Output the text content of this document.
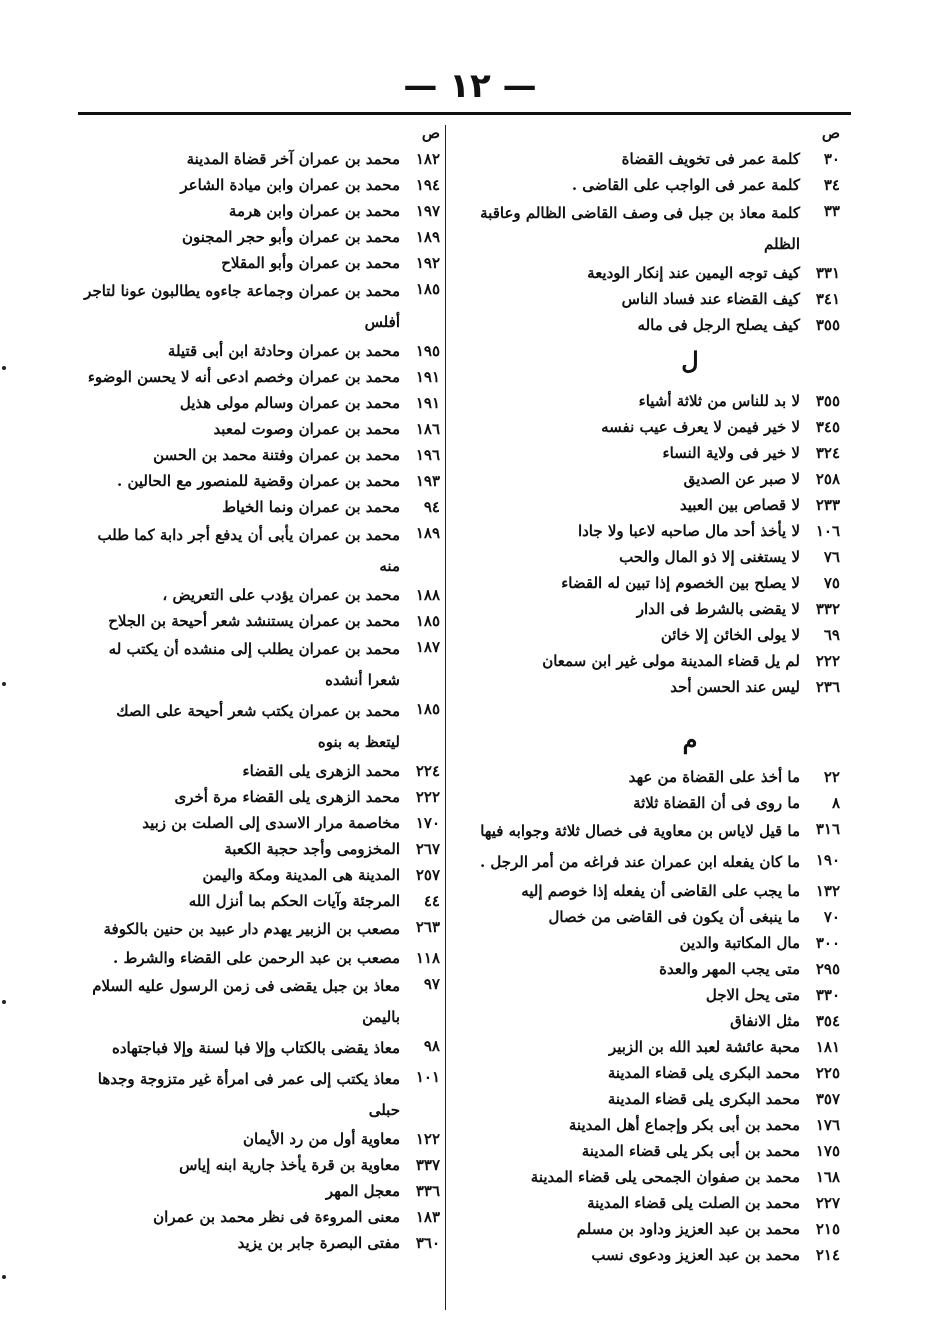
— ١٢ —
ص
٣٠
كلمة عمر فى تخويف القضاة
٣٤
كلمة عمر فى الواجب على القاضى .
٣٣
كلمة معاذ بن جبل فى وصف القاضى الظالم وعاقبة الظلم
٣٣١
كيف توجه اليمين عند إنكار الوديعة
٣٤١
كيف القضاء عند فساد الناس
٣٥٥
كيف يصلح الرجل فى ماله
ل
٣٥٥
لا بد للناس من ثلاثة أشياء
٣٤٥
لا خير فيمن لا يعرف عيب نفسه
٣٢٤
لا خير فى ولاية النساء
٢٥٨
لا صبر عن الصديق
٢٣٣
لا قصاص بين العبيد
١٠٦
لا يأخذ أحد مال صاحبه لاعبا ولا جادا
٧٦
لا يستغنى إلا ذو المال والحب
٧٥
لا يصلح بين الخصوم إذا تبين له القضاء
٣٣٢
لا يقضى بالشرط فى الدار
٦٩
لا يولى الخائن إلا خائن
٢٢٢
لم يل قضاء المدينة مولى غير ابن سمعان
٢٣٦
ليس عند الحسن أحد
م
٢٢
ما أخذ على القضاة من عهد
٨
ما روى فى أن القضاة ثلاثة
٣١٦
ما قيل لاياس بن معاوية فى خصال ثلاثة وجوابه فيها
١٩٠
ما كان يفعله ابن عمران عند فراغه من أمر الرجل .
١٣٢
ما يجب على القاضى أن يفعله إذا خوصم إليه
٧٠
ما ينبغى أن يكون فى القاضى من خصال
٣٠٠
مال المكاتبة والدين
٢٩٥
متى يجب المهر والعدة
٣٣٠
متى يحل الاجل
٣٥٤
مثل الانفاق
١٨١
محبة عائشة لعبد الله بن الزبير
٢٢٥
محمد البكرى يلى قضاء المدينة
٣٥٧
محمد البكرى يلى قضاء المدينة
١٧٦
محمد بن أبى بكر وإجماع أهل المدينة
١٧٥
محمد بن أبى بكر يلى قضاء المدينة
١٦٨
محمد بن صفوان الجمحى يلى قضاء المدينة
٢٢٧
محمد بن الصلت يلى قضاء المدينة
٢١٥
محمد بن عبد العزيز وداود بن مسلم
٢١٤
محمد بن عبد العزيز ودعوى نسب
ص
١٨٢
محمد بن عمران آخر قضاة المدينة
١٩٤
محمد بن عمران وابن ميادة الشاعر
١٩٧
محمد بن عمران وابن هرمة
١٨٩
محمد بن عمران وأبو حجر المجنون
١٩٢
محمد بن عمران وأبو المقلاح
١٨٥
محمد بن عمران وجماعة جاءوه يطالبون عونا لتاجر أفلس
١٩٥
محمد بن عمران وحادثة ابن أبى قتيلة
١٩١
محمد بن عمران وخصم ادعى أنه لا يحسن الوضوء
١٩١
محمد بن عمران وسالم مولى هذيل
١٨٦
محمد بن عمران وصوت لمعبد
١٩٦
محمد بن عمران وفتنة محمد بن الحسن
١٩٣
محمد بن عمران وقضية للمنصور مع الحالين .
٩٤
محمد بن عمران ونما الخياط
١٨٩
محمد بن عمران يأبى أن يدفع أجر دابة كما طلب منه
١٨٨
محمد بن عمران يؤدب على التعريض ،
١٨٥
محمد بن عمران يستنشد شعر أحيحة بن الجلاح
١٨٧
محمد بن عمران يطلب إلى منشده أن يكتب له شعرا أنشده
١٨٥
محمد بن عمران يكتب شعر أحيحة على الصك ليتعظ به بنوه
٢٢٤
محمد الزهرى يلى القضاء
٢٢٢
محمد الزهرى يلى القضاء مرة أخرى
١٧٠
مخاصمة مرار الاسدى إلى الصلت بن زبيد
٢٦٧
المخزومى وأجد حجبة الكعبة
٢٥٧
المدينة هى المدينة ومكة واليمن
٤٤
المرجئة وآيات الحكم بما أنزل الله
٢٦٣
مصعب بن الزبير يهدم دار عبيد بن حنين بالكوفة
١١٨
مصعب بن عبد الرحمن على القضاء والشرط .
٩٧
معاذ بن جبل يقضى فى زمن الرسول عليه السلام باليمن
٩٨
معاذ يقضى بالكتاب وإلا فبا لسنة وإلا فباجتهاده
١٠١
معاذ يكتب إلى عمر فى امرأة غير متزوجة وجدها حبلى
١٢٢
معاوية أول من رد الأيمان
٣٣٧
معاوية بن قرة يأخذ جارية ابنه إياس
٣٣٦
معجل المهر
١٨٣
معنى المروءة فى نظر محمد بن عمران
٣٦٠
مفتى البصرة جابر بن يزيد
